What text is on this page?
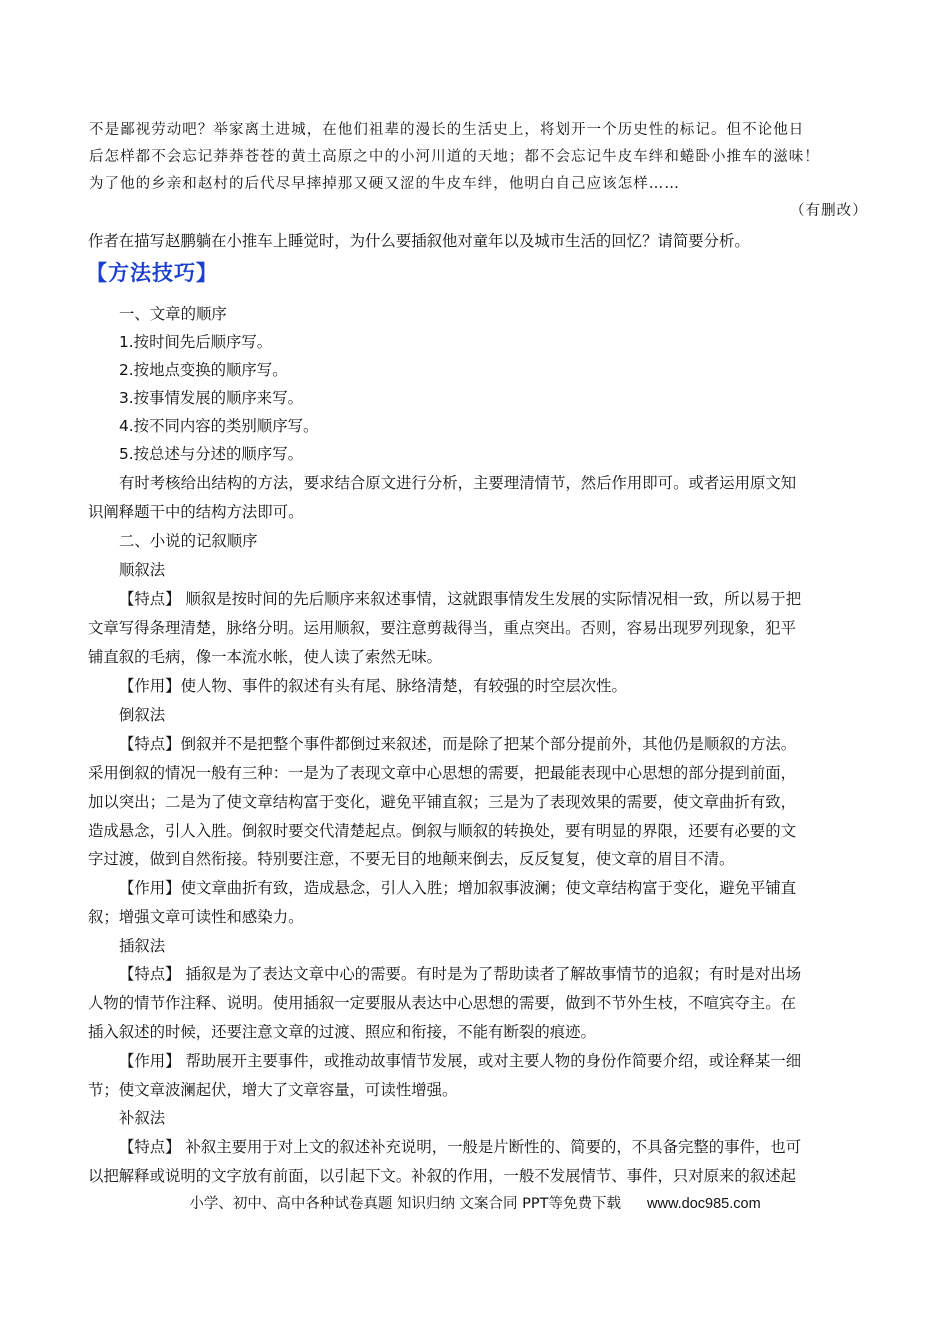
不是鄙视劳动吧？举家离土进城，在他们祖辈的漫长的生活史上，将划开一个历史性的标记。但不论他日
后怎样都不会忘记莽莽苍苍的黄土高原之中的小河川道的天地；都不会忘记牛皮车绊和蜷卧小推车的滋味！
为了他的乡亲和赵村的后代尽早摔掉那又硬又涩的牛皮车绊，他明白自己应该怎样……
（有删改）
作者在描写赵鹏躺在小推车上睡觉时，为什么要插叙他对童年以及城市生活的回忆？请简要分析。
【方法技巧】
一、文章的顺序
1.按时间先后顺序写。
2.按地点变换的顺序写。
3.按事情发展的顺序来写。
4.按不同内容的类别顺序写。
5.按总述与分述的顺序写。
有时考核给出结构的方法，要求结合原文进行分析，主要理清情节，然后作用即可。或者运用原文知
识阐释题干中的结构方法即可。
二、小说的记叙顺序
顺叙法
【特点】 顺叙是按时间的先后顺序来叙述事情，这就跟事情发生发展的实际情况相一致，所以易于把
文章写得条理清楚，脉络分明。运用顺叙，要注意剪裁得当，重点突出。否则，容易出现罗列现象，犯平
铺直叙的毛病，像一本流水帐，使人读了索然无味。
【作用】使人物、事件的叙述有头有尾、脉络清楚，有较强的时空层次性。
倒叙法
【特点】倒叙并不是把整个事件都倒过来叙述，而是除了把某个部分提前外，其他仍是顺叙的方法。
采用倒叙的情况一般有三种：一是为了表现文章中心思想的需要，把最能表现中心思想的部分提到前面，
加以突出；二是为了使文章结构富于变化，避免平铺直叙；三是为了表现效果的需要，使文章曲折有致，
造成悬念，引人入胜。倒叙时要交代清楚起点。倒叙与顺叙的转换处，要有明显的界限，还要有必要的文
字过渡，做到自然衔接。特别要注意，不要无目的地颠来倒去，反反复复，使文章的眉目不清。
【作用】使文章曲折有致，造成悬念，引人入胜；增加叙事波澜；使文章结构富于变化，避免平铺直
叙；增强文章可读性和感染力。
插叙法
【特点】 插叙是为了表达文章中心的需要。有时是为了帮助读者了解故事情节的追叙；有时是对出场
人物的情节作注释、说明。使用插叙一定要服从表达中心思想的需要，做到不节外生枝，不喧宾夺主。在
插入叙述的时候，还要注意文章的过渡、照应和衔接，不能有断裂的痕迹。
【作用】 帮助展开主要事件，或推动故事情节发展，或对主要人物的身份作简要介绍，或诠释某一细
节；使文章波澜起伏，增大了文章容量，可读性增强。
补叙法
【特点】 补叙主要用于对上文的叙述补充说明，一般是片断性的、简要的，不具备完整的事件，也可
以把解释或说明的文字放有前面，以引起下文。补叙的作用，一般不发展情节、事件，只对原来的叙述起
小学、初中、高中各种试卷真题 知识归纳 文案合同 PPT等免费下载 www.doc985.com
